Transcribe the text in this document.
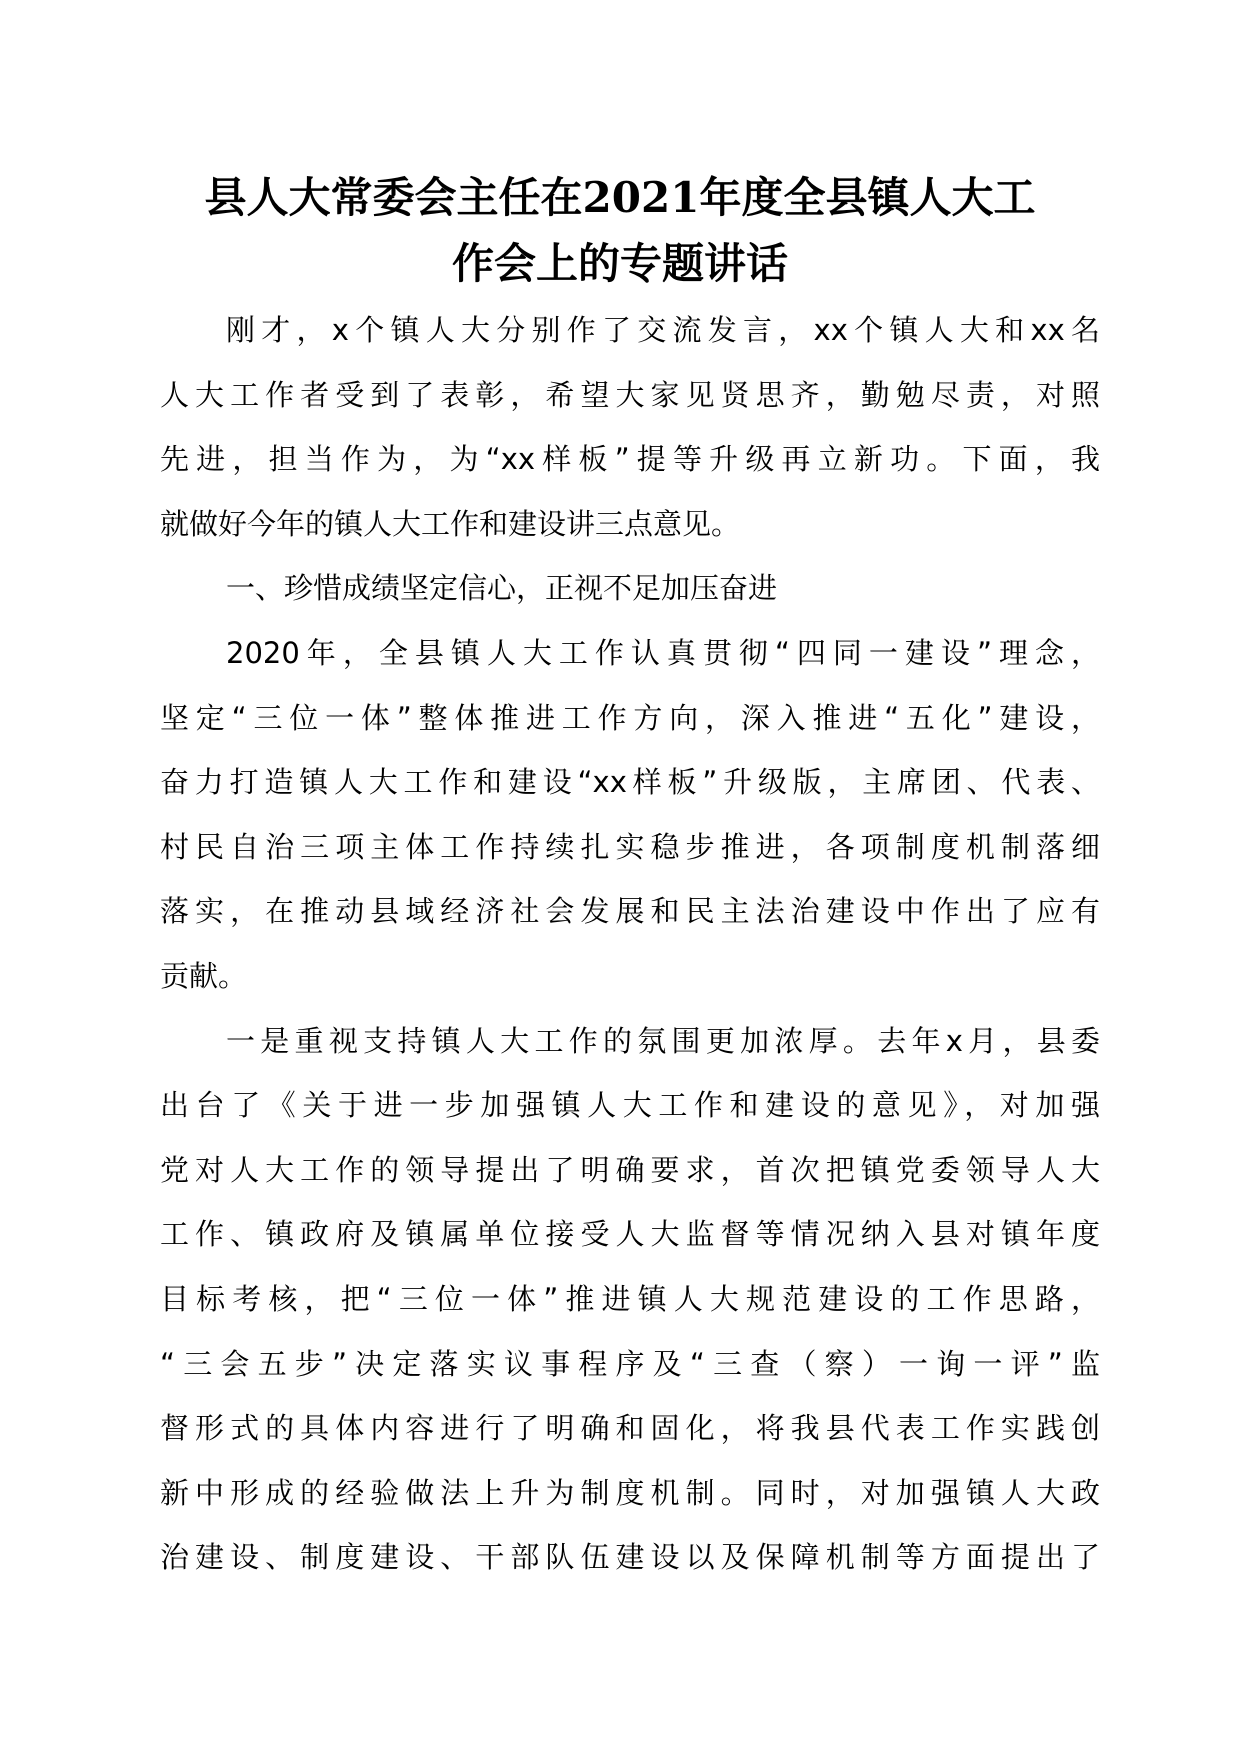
县人大常委会主任在2021年度全县镇人大工
作会上的专题讲话
刚才，x个镇人大分别作了交流发言，xx个镇人大和xx名
人大工作者受到了表彰，希望大家见贤思齐，勤勉尽责，对照
先进，担当作为，为“xx样板”提等升级再立新功。下面，我
就做好今年的镇人大工作和建设讲三点意见。
一、珍惜成绩坚定信心，正视不足加压奋进
2020年，全县镇人大工作认真贯彻“四同一建设”理念，
坚定“三位一体”整体推进工作方向，深入推进“五化”建设，
奋力打造镇人大工作和建设“xx样板”升级版，主席团、代表、
村民自治三项主体工作持续扎实稳步推进，各项制度机制落细
落实，在推动县域经济社会发展和民主法治建设中作出了应有
贡献。
一是重视支持镇人大工作的氛围更加浓厚。去年x月，县委
出台了《关于进一步加强镇人大工作和建设的意见》，对加强
党对人大工作的领导提出了明确要求，首次把镇党委领导人大
工作、镇政府及镇属单位接受人大监督等情况纳入县对镇年度
目标考核，把“三位一体”推进镇人大规范建设的工作思路，
“三会五步”决定落实议事程序及“三查（察）一询一评”监
督形式的具体内容进行了明确和固化，将我县代表工作实践创
新中形成的经验做法上升为制度机制。同时，对加强镇人大政
治建设、制度建设、干部队伍建设以及保障机制等方面提出了
